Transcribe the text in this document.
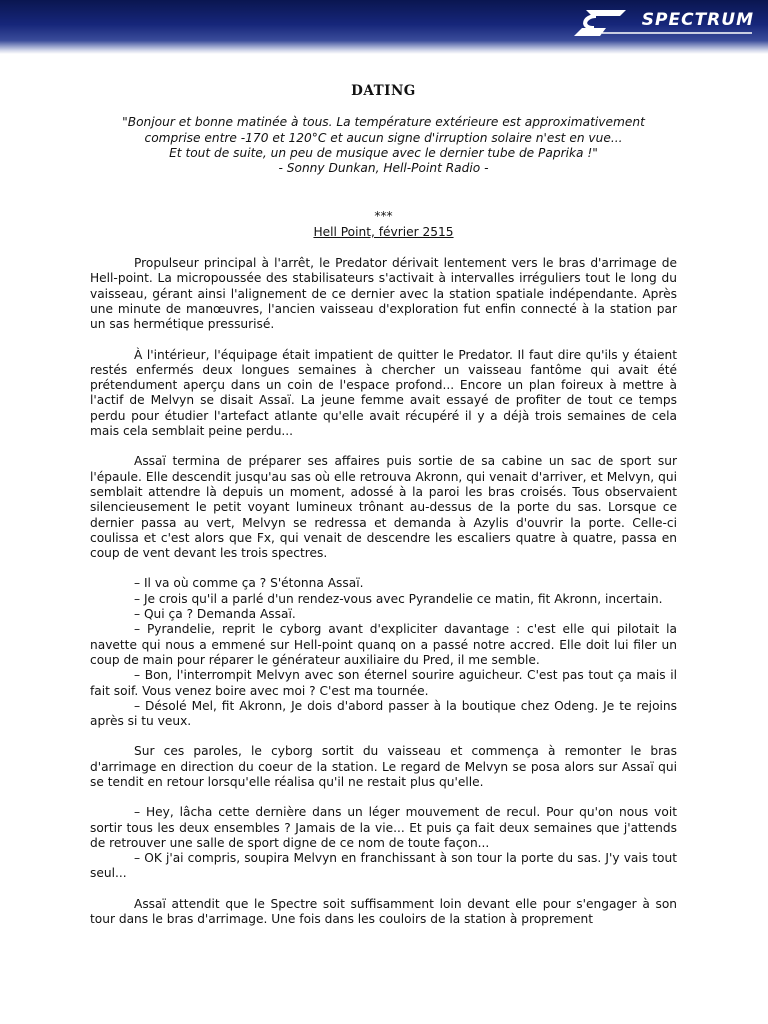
SPECTRUM
DATING
"Bonjour et bonne matinée à tous. La température extérieure est approximativement
comprise entre -170 et 120°C et aucun signe d'irruption solaire n'est en vue...
Et tout de suite, un peu de musique avec le dernier tube de Paprika !"
- Sonny Dunkan, Hell-Point Radio -
***
Hell Point, février 2515

Propulseur principal à l'arrêt, le Predator dérivait lentement vers le bras d'arrimage de Hell-point. La micropoussée des stabilisateurs s'activait à intervalles irréguliers tout le long du vaisseau, gérant ainsi l'alignement de ce dernier avec la station spatiale indépendante. Après une minute de manœuvres, l'ancien vaisseau d'exploration fut enfin connecté à la station par un sas hermétique pressurisé.

À l'intérieur, l'équipage était impatient de quitter le Predator. Il faut dire qu'ils y étaient restés enfermés deux longues semaines à chercher un vaisseau fantôme qui avait été prétendument aperçu dans un coin de l'espace profond... Encore un plan foireux à mettre à l'actif de Melvyn se disait Assaï. La jeune femme avait essayé de profiter de tout ce temps perdu pour étudier l'artefact atlante qu'elle avait récupéré il y a déjà trois semaines de cela mais cela semblait peine perdu...

Assaï termina de préparer ses affaires puis sortie de sa cabine un sac de sport sur l'épaule. Elle descendit jusqu'au sas où elle retrouva Akronn, qui venait d'arriver, et Melvyn, qui semblait attendre là depuis un moment, adossé à la paroi les bras croisés. Tous observaient silencieusement le petit voyant lumineux trônant au-dessus de la porte du sas. Lorsque ce dernier passa au vert, Melvyn se redressa et demanda à Azylis d'ouvrir la porte. Celle-ci coulissa et c'est alors que Fx, qui venait de descendre les escaliers quatre à quatre, passa en coup de vent devant les trois spectres.

– Il va où comme ça ? S'étonna Assaï.
– Je crois qu'il a parlé d'un rendez-vous avec Pyrandelie ce matin, fit Akronn, incertain.
– Qui ça ? Demanda Assaï.
– Pyrandelie, reprit le cyborg avant d'expliciter davantage : c'est elle qui pilotait la navette qui nous a emmené sur Hell-point quanq on a passé notre accred. Elle doit lui filer un coup de main pour réparer le générateur auxiliaire du Pred, il me semble.
– Bon, l'interrompit Melvyn avec son éternel sourire aguicheur. C'est pas tout ça mais il fait soif. Vous venez boire avec moi ? C'est ma tournée.
– Désolé Mel, fit Akronn, Je dois d'abord passer à la boutique chez Odeng. Je te rejoins après si tu veux.

Sur ces paroles, le cyborg sortit du vaisseau et commença à remonter le bras d'arrimage en direction du coeur de la station. Le regard de Melvyn se posa alors sur Assaï qui se tendit en retour lorsqu'elle réalisa qu'il ne restait plus qu'elle.

– Hey, lâcha cette dernière dans un léger mouvement de recul. Pour qu'on nous voit sortir tous les deux ensembles ? Jamais de la vie... Et puis ça fait deux semaines que j'attends de retrouver une salle de sport digne de ce nom de toute façon...
– OK j'ai compris, soupira Melvyn en franchissant à son tour la porte du sas. J'y vais tout seul...

Assaï attendit que le Spectre soit suffisamment loin devant elle pour s'engager à son tour dans le bras d'arrimage. Une fois dans les couloirs de la station à proprement
